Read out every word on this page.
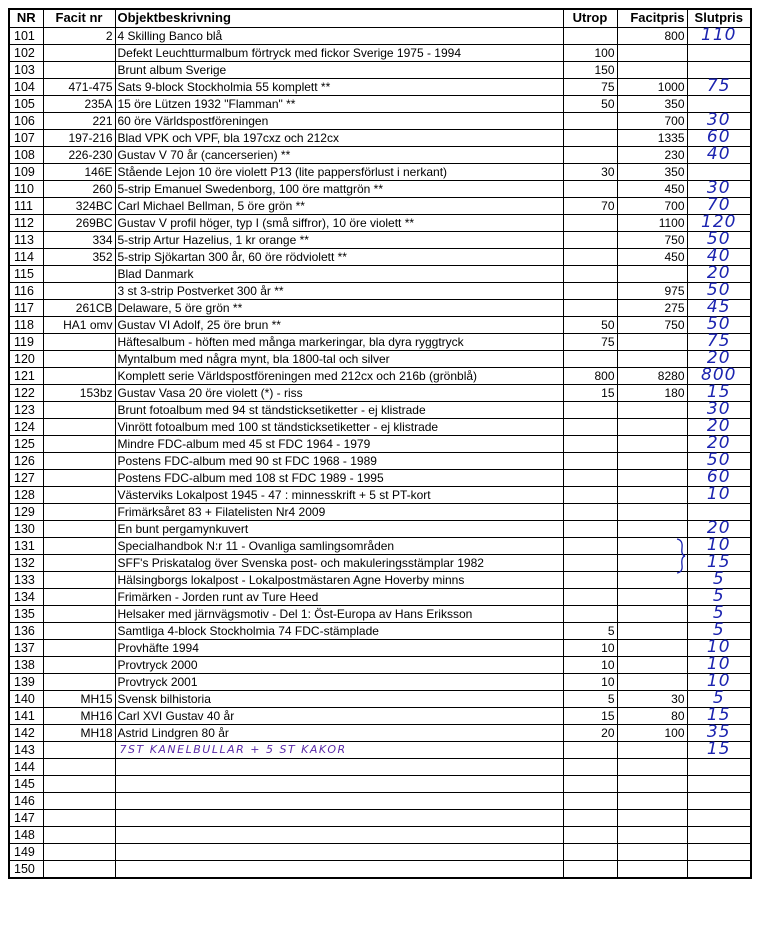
NR	Facit nr	Objektbeskrivning	Utrop	Facitpris	Slutpris
101	2	4 Skilling Banco blå		800	110
102		Defekt Leuchtturmalbum förtryck med fickor Sverige 1975 - 1994	100		
103		Brunt album Sverige	150		
104	471-475	Sats 9-block Stockholmia 55 komplett **	75	1000	75
105	235A	15 öre Lützen 1932 "Flamman" **	50	350	
106	221	60 öre Världspostföreningen		700	30
107	197-216	Blad VPK och VPF, bla 197cxz och 212cx		1335	60
108	226-230	Gustav V 70 år (cancerserien) **		230	40
109	146E	Stående Lejon 10 öre violett P13 (lite pappersförlust i nerkant)	30	350	
110	260	5-strip Emanuel Swedenborg, 100 öre mattgrön **		450	30
111	324BC	Carl Michael Bellman, 5 öre grön **	70	700	70
112	269BC	Gustav V profil höger, typ I (små siffror), 10 öre violett **		1100	120
113	334	5-strip Artur Hazelius, 1 kr orange **		750	50
114	352	5-strip Sjökartan 300 år, 60 öre rödviolett **		450	40
115		Blad Danmark			20
116		3 st 3-strip Postverket 300 år **		975	50
117	261CB	Delaware, 5 öre grön **		275	45
118	HA1 omv	Gustav VI Adolf, 25 öre brun **	50	750	50
119		Häftesalbum - höften med många markeringar, bla dyra ryggtryck	75		75
120		Myntalbum med några mynt, bla 1800-tal och silver			20
121		Komplett serie Världspostföreningen med 212cx och 216b (grönblå)	800	8280	800
122	153bz	Gustav Vasa 20 öre violett (*) - riss	15	180	15
123		Brunt fotoalbum med 94 st tändsticksetiketter - ej klistrade			30
124		Vinrött fotoalbum med 100 st tändsticksetiketter - ej klistrade			20
125		Mindre FDC-album med 45 st FDC 1964 - 1979			20
126		Postens FDC-album med 90 st FDC 1968 - 1989			50
127		Postens FDC-album med 108 st FDC 1989 - 1995			60
128		Västerviks Lokalpost 1945 - 47 : minnesskrift + 5 st PT-kort			10
129		Frimärksåret 83 + Filatelisten Nr4 2009			
130		En bunt pergamynkuvert			20
131		Specialhandbok N:r 11 - Ovanliga samlingsområden			10
132		SFF's Priskatalog över Svenska post- och makuleringsstämplar 1982			15
133		Hälsingborgs lokalpost - Lokalpostmästaren Agne Hoverby minns			5
134		Frimärken - Jorden runt av Ture Heed			5
135		Helsaker med järnvägsmotiv - Del 1: Öst-Europa av Hans Eriksson			5
136		Samtliga 4-block Stockholmia 74 FDC-stämplade	5		5
137		Provhäfte 1994	10		10
138		Provtryck 2000	10		10
139		Provtryck 2001	10		10
140	MH15	Svensk bilhistoria	5	30	5
141	MH16	Carl XVI Gustav 40 år	15	80	15
142	MH18	Astrid Lindgren 80 år	20	100	35
143		7ST KANELBULLAR + 5 ST KAKOR			15
144					
145					
146					
147					
148					
149					
150					
